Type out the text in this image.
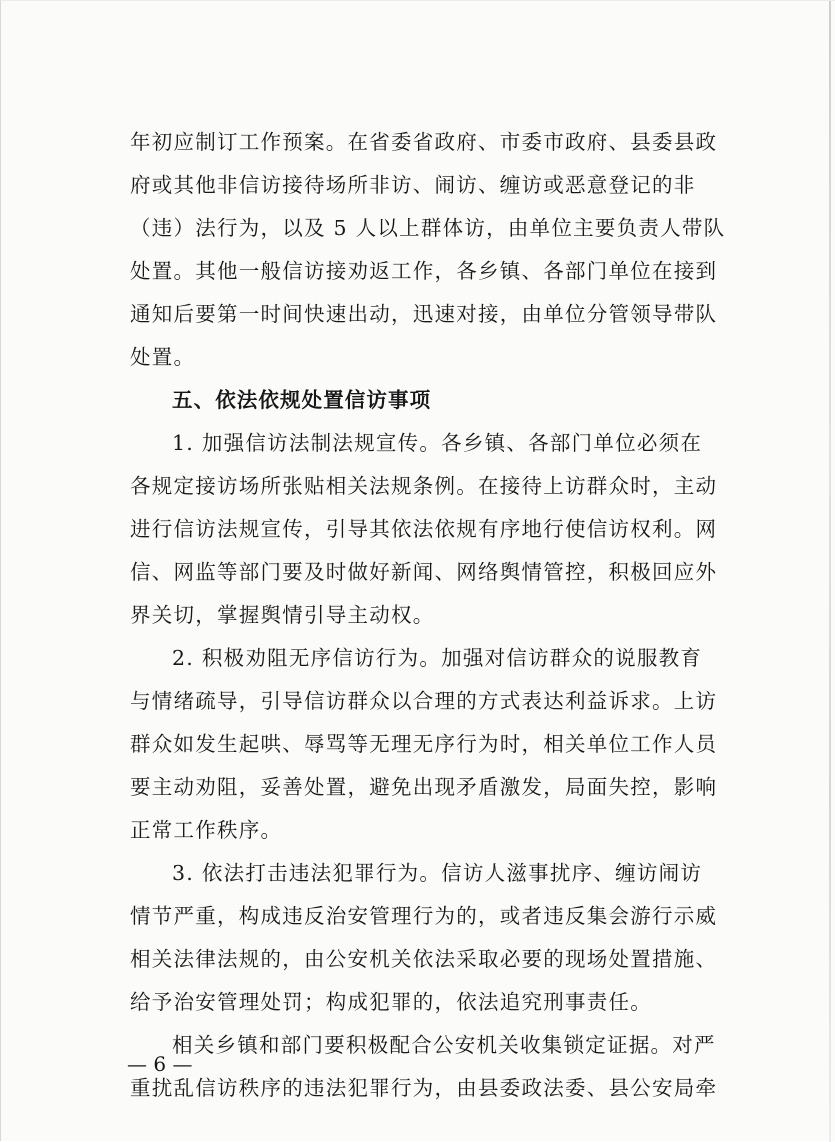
年初应制订工作预案。在省委省政府、市委市政府、县委县政
府或其他非信访接待场所非访、闹访、缠访或恶意登记的非
（违）法行为，以及 5 人以上群体访，由单位主要负责人带队
处置。其他一般信访接劝返工作，各乡镇、各部门单位在接到
通知后要第一时间快速出动，迅速对接，由单位分管领导带队
处置。
五、依法依规处置信访事项
1. 加强信访法制法规宣传。各乡镇、各部门单位必须在
各规定接访场所张贴相关法规条例。在接待上访群众时，主动
进行信访法规宣传，引导其依法依规有序地行使信访权利。网
信、网监等部门要及时做好新闻、网络舆情管控，积极回应外
界关切，掌握舆情引导主动权。
2. 积极劝阻无序信访行为。加强对信访群众的说服教育
与情绪疏导，引导信访群众以合理的方式表达利益诉求。上访
群众如发生起哄、辱骂等无理无序行为时，相关单位工作人员
要主动劝阻，妥善处置，避免出现矛盾激发，局面失控，影响
正常工作秩序。
3. 依法打击违法犯罪行为。信访人滋事扰序、缠访闹访
情节严重，构成违反治安管理行为的，或者违反集会游行示威
相关法律法规的，由公安机关依法采取必要的现场处置措施、
给予治安管理处罚；构成犯罪的，依法追究刑事责任。
相关乡镇和部门要积极配合公安机关收集锁定证据。对严
重扰乱信访秩序的违法犯罪行为，由县委政法委、县公安局牵
— 6 —
